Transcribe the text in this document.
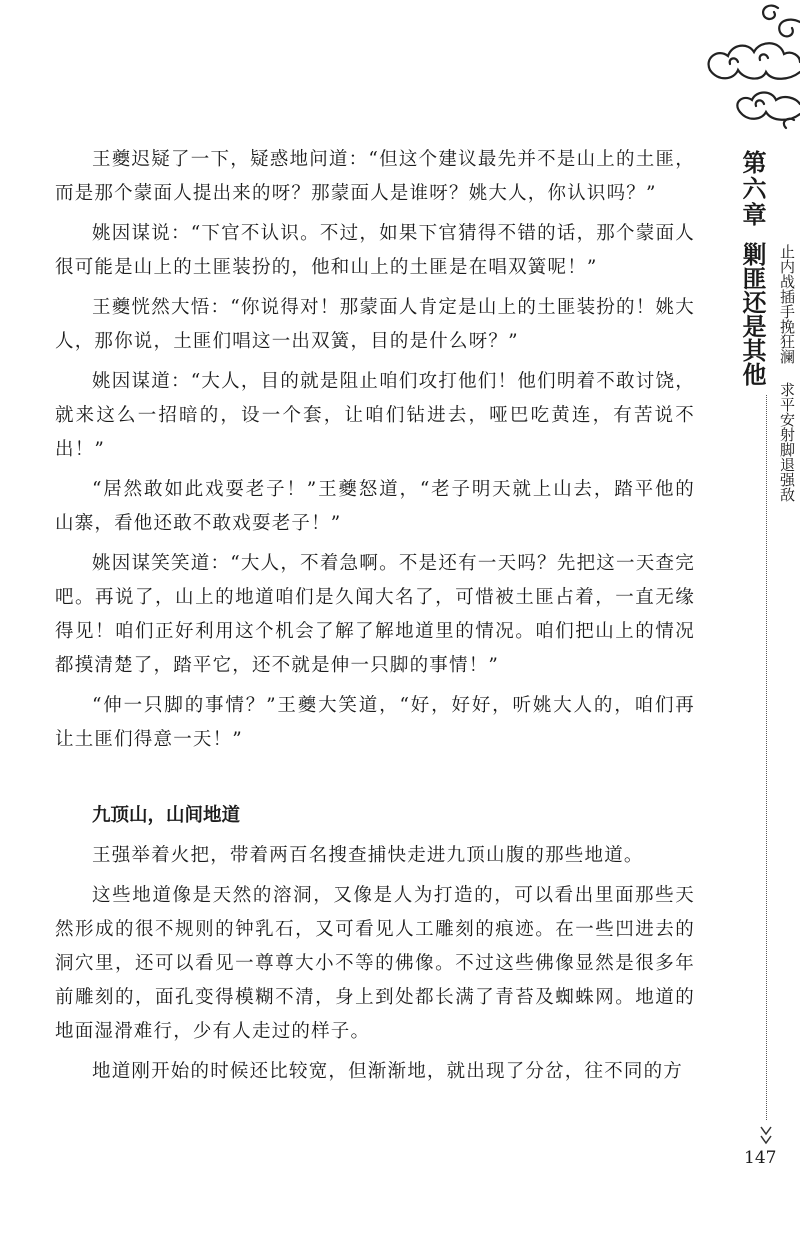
王夔迟疑了一下，疑惑地问道：“但这个建议最先并不是山上的土匪，而是那个蒙面人提出来的呀？那蒙面人是谁呀？姚大人，你认识吗？”

姚因谋说：“下官不认识。不过，如果下官猜得不错的话，那个蒙面人很可能是山上的土匪装扮的，他和山上的土匪是在唱双簧呢！”

王夔恍然大悟：“你说得对！那蒙面人肯定是山上的土匪装扮的！姚大人，那你说，土匪们唱这一出双簧，目的是什么呀？”

姚因谋道：“大人，目的就是阻止咱们攻打他们！他们明着不敢讨饶，就来这么一招暗的，设一个套，让咱们钻进去，哑巴吃黄连，有苦说不出！”

“居然敢如此戏耍老子！”王夔怒道，“老子明天就上山去，踏平他的山寨，看他还敢不敢戏耍老子！”

姚因谋笑笑道：“大人，不着急啊。不是还有一天吗？先把这一天查完吧。再说了，山上的地道咱们是久闻大名了，可惜被土匪占着，一直无缘得见！咱们正好利用这个机会了解了解地道里的情况。咱们把山上的情况都摸清楚了，踏平它，还不就是伸一只脚的事情！”

“伸一只脚的事情？”王夔大笑道，“好，好好，听姚大人的，咱们再让土匪们得意一天！”

九顶山，山间地道

王强举着火把，带着两百名搜查捕快走进九顶山腹的那些地道。

这些地道像是天然的溶洞，又像是人为打造的，可以看出里面那些天然形成的很不规则的钟乳石，又可看见人工雕刻的痕迹。在一些凹进去的洞穴里，还可以看见一尊尊大小不等的佛像。不过这些佛像显然是很多年前雕刻的，面孔变得模糊不清，身上到处都长满了青苔及蜘蛛网。地道的地面湿滑难行，少有人走过的样子。

地道刚开始的时候还比较宽，但渐渐地，就出现了分岔，往不同的方

第六章
剿匪还是其他 止内战插手挽狂澜
求平安射脚退强敌
147
